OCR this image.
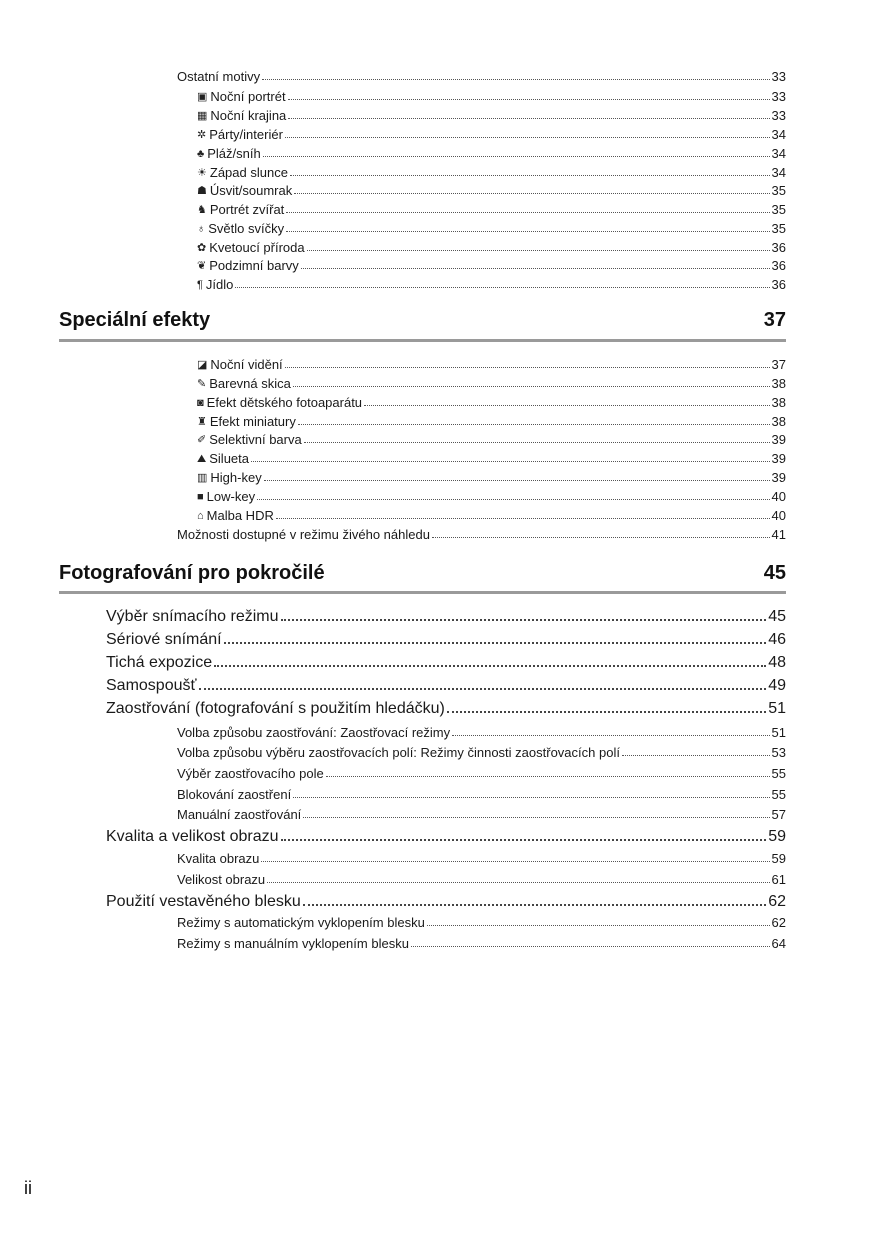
Ostatní motivy	33
▣ Noční portrét	33
▦ Noční krajina	33
✲ Párty/interiér	34
♣ Pláž/sníh	34
☀ Západ slunce	34
☗ Úsvit/soumrak	35
♞ Portrét zvířat	35
♁ Světlo svíčky	35
✿ Kvetoucí příroda	36
❦ Podzimní barvy	36
¶ Jídlo	36
Speciální efekty	37
◪ Noční vidění	37
✎ Barevná skica	38
◙ Efekt dětského fotoaparátu	38
♜ Efekt miniatury	38
✐ Selektivní barva	39
⛰ Silueta	39
▥ High-key	39
■ Low-key	40
⌂ Malba HDR	40
Možnosti dostupné v režimu živého náhledu	41
Fotografování pro pokročilé	45
Výběr snímacího režimu	45
Sériové snímání	46
Tichá expozice	48
Samospoušť	49
Zaostřování (fotografování s použitím hledáčku)	51
Volba způsobu zaostřování: Zaostřovací režimy	51
Volba způsobu výběru zaostřovacích polí: Režimy činnosti zaostřovacích polí	53
Výběr zaostřovacího pole	55
Blokování zaostření	55
Manuální zaostřování	57
Kvalita a velikost obrazu	59
Kvalita obrazu	59
Velikost obrazu	61
Použití vestavěného blesku	62
Režimy s automatickým vyklopením blesku	62
Režimy s manuálním vyklopením blesku	64
ii
